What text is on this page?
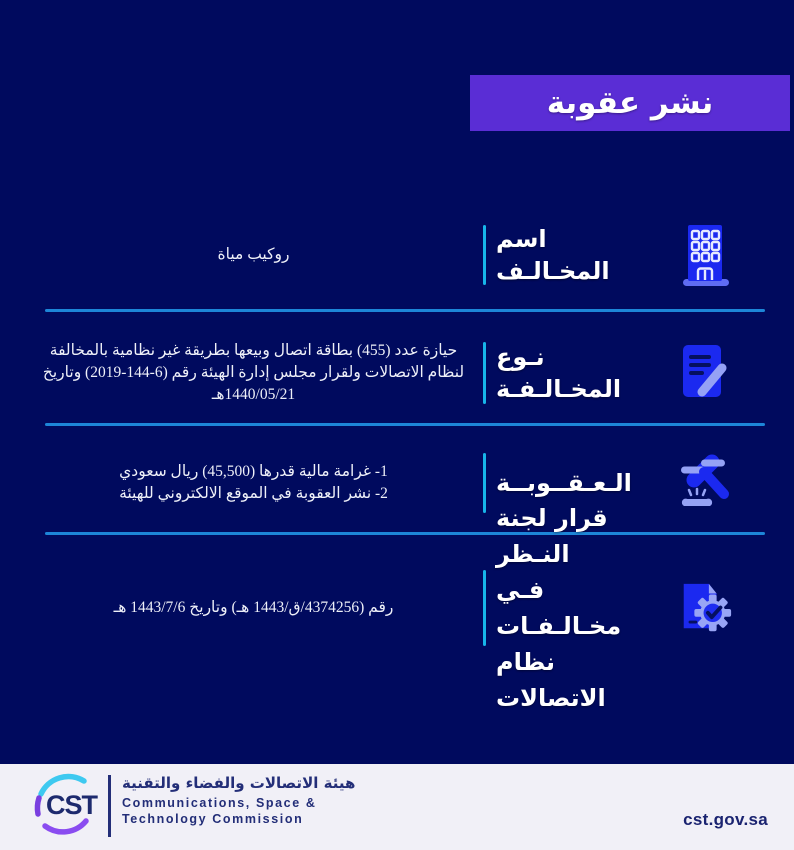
نشر عقوبة
روكيب مياة
اسم المخـالـف
حيازة عدد (455) بطاقة اتصال وبيعها بطريقة غير نظامية بالمخالفة
لنظام الاتصالات ولقرار مجلس إدارة الهيئة رقم (6-144-2019) وتاريخ
1440/05/21هـ
نـوع المخـالـفـة
1- غرامة مالية قدرها (45,500) ريال سعودي
2- نشر العقوبة في الموقع الالكتروني للهيئة	الـعـقــوبــة
رقم (4374256/ق/1443 هـ) وتاريخ 1443/7/6 هـ
قرار لجنة النـظر
فـي مخـالـفـات
نظام الاتصالات
CST
هيئة الاتصالات والفضاء والتقنية
Communications, Space &
Technology Commission	cst.gov.sa
